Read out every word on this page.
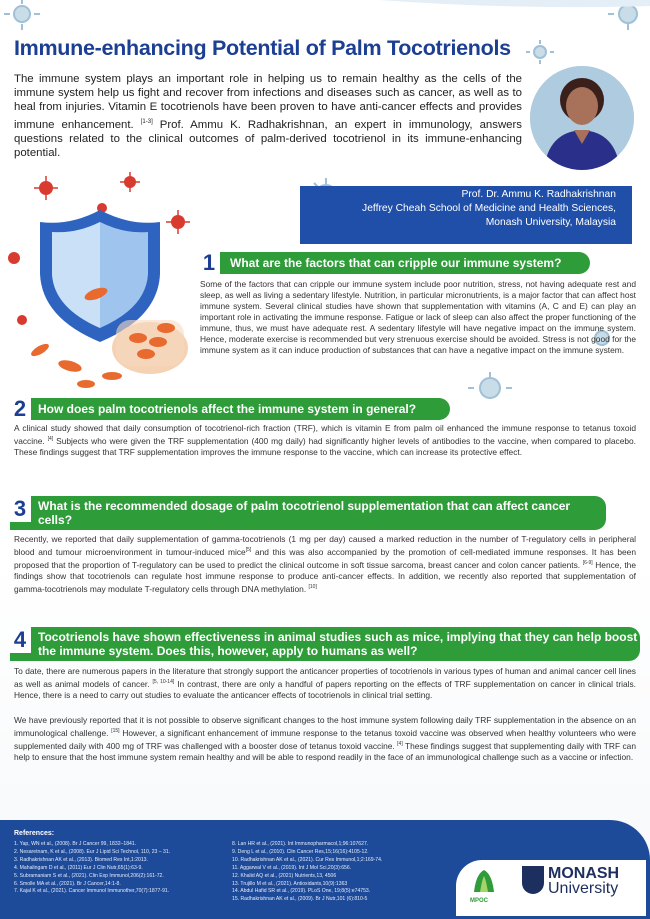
Immune-enhancing Potential of Palm Tocotrienols
The immune system plays an important role in helping us to remain healthy as the cells of the immune system help us fight and recover from infections and diseases such as cancer, as well as to heal from injuries. Vitamin E tocotrienols have been proven to have anti-cancer effects and provides immune enhancement. [1-3] Prof. Ammu K. Radhakrishnan, an expert in immunology, answers questions related to the clinical outcomes of palm-derived tocotrienol in its immune-enhancing potential.
Prof. Dr. Ammu K. Radhakrishnan
Jeffrey Cheah School of Medicine and Health Sciences,
Monash University, Malaysia
What are the factors that can cripple our immune system?
1
Some of the factors that can cripple our immune system include poor nutrition, stress, not having adequate rest and sleep, as well as living a sedentary lifestyle. Nutrition, in particular micronutrients, is a major factor that can affect host immune system. Several clinical studies have shown that supplementation with vitamins (A, C and E) can play an important role in activating the immune response. Fatigue or lack of sleep can also affect the proper functioning of the immune, thus, we must have adequate rest. A sedentary lifestyle will have negative impact on the immune system. Hence, moderate exercise is recommended but very strenuous exercise should be avoided. Stress is not good for the immune system as it can induce production of substances that can have a negative impact on the immune system.
How does palm tocotrienols affect the immune system in general?
2
A clinical study showed that daily consumption of tocotrienol-rich fraction (TRF), which is vitamin E from palm oil enhanced the immune response to tetanus toxoid vaccine. [4] Subjects who were given the TRF supplementation (400 mg daily) had significantly higher levels of antibodies to the vaccine, when compared to placebo. These findings suggest that TRF supplementation improves the immune response to the vaccine, which can increase its protective effect.
What is the recommended dosage of palm tocotrienol supplementation that can affect cancer cells?
3
Recently, we reported that daily supplementation of gamma-tocotrienols (1 mg per day) caused a marked reduction in the number of T-regulatory cells in peripheral blood and tumour microenvironment in tumour-induced mice[5] and this was also accompanied by the promotion of cell-mediated immune responses. It has been proposed that the proportion of T-regulatory can be used to predict the clinical outcome in soft tissue sarcoma, breast cancer and colon cancer patients. [6-9] Hence, the findings show that tocotrienols can regulate host immune response to produce anti-cancer effects. In addition, we recently also reported that supplementation of gamma-tocotrienols may modulate T-regulatory cells through DNA methylation. [10]
Tocotrienols have shown effectiveness in animal studies such as mice, implying that they can help boost the immune system. Does this, however, apply to humans as well?
4
To date, there are numerous papers in the literature that strongly support the anticancer properties of tocotrienols in various types of human and animal cancer cell lines as well as animal models of cancer. [5, 10-14] In contrast, there are only a handful of papers reporting on the effects of TRF supplementation on cancer in clinical trials. Hence, there is a need to carry out studies to evaluate the anticancer effects of tocotrienols in clinical trial setting.
We have previously reported that it is not possible to observe significant changes to the host immune system following daily TRF supplementation in the absence on an immunological challenge. [15] However, a significant enhancement of immune response to the tetanus toxoid vaccine was observed when healthy volunteers who were supplemented daily with 400 mg of TRF was challenged with a booster dose of tetanus toxoid vaccine. [4] These findings suggest that supplementing daily with TRF can help to ensure that the host immune system remain healthy and will be able to respond readily in the face of an immunological challenge such as a vaccine or infection.
References:
1. Yap, WN et al., (2008). Br J Cancer 99, 1832–1841.
2. Nesaretnam, K et al., (2008). Eur J Lipid Sci Technol, 110, 23 – 31.
3. Radhakrishnan AK et al., (2013). Biomed Res Int,1:2013.
4. Mahalingam D et al., (2011) Eur J Clin Nutr,65(1):63-9.
5. Subramaniam S et al., (2021). Clin Exp Immunol,206(2):161-72.
6. Smolle MA et al., (2021). Br J Cancer,14:1-8.
7. Kajal K et al., (2021). Cancer Immunol Immunother,70(7):1877-91.
8. Lan HR et al., (2021). Int Immunopharmacol,1;96:107627.
9. Deng L et al., (2010). Clin Cancer Res,15;16(16):4105-12.
10. Radhakrishnan AK et al., (2021). Cur Res Immunol,1;2:169-74.
11. Aggarwal V et al., (2019). Int J Mol Sci,20(3):656.
12. Khalid AQ et al., (2021) Nutrients,13, 4506
13. Trujillo M et al., (2021). Antioxidants,10(9):1363
14. Abdul Hafid SR et al., (2019). PLoS One, 19;8(5):e74753.
15. Radhakrishnan AK et al., (2009). Br J Nutr,101 (6):810-5	MPOC
MONASH
University
